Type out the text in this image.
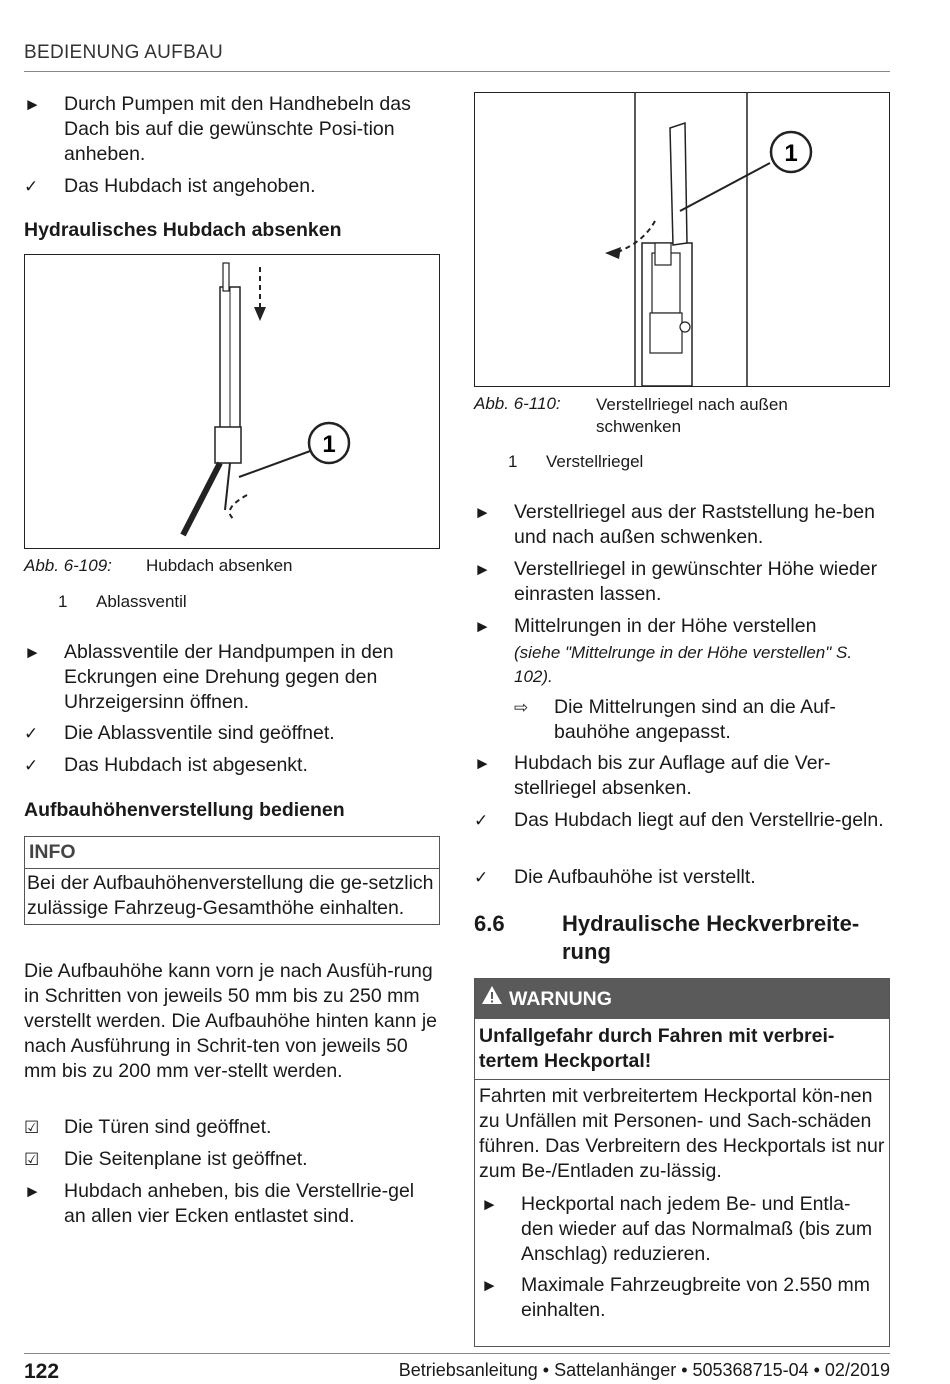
BEDIENUNG AUFBAU
►	Durch Pumpen mit den Handhebeln das Dach bis auf die gewünschte Posi-tion anheben.
✓	Das Hubdach ist angehoben.
Hydraulisches Hubdach absenken
1
Abb. 6-109:	Hubdach absenken
1	Ablassventil
►	Ablassventile der Handpumpen in den Eckrungen eine Drehung gegen den Uhrzeigersinn öffnen.
✓	Die Ablassventile sind geöffnet.
✓	Das Hubdach ist abgesenkt.
Aufbauhöhenverstellung bedienen
INFO
Bei der Aufbauhöhenverstellung die ge-setzlich zulässige Fahrzeug-Gesamthöhe einhalten.
Die Aufbauhöhe kann vorn je nach Ausfüh-rung in Schritten von jeweils 50 mm bis zu 250 mm verstellt werden. Die Aufbauhöhe hinten kann je nach Ausführung in Schrit-ten von jeweils 50 mm bis zu 200 mm ver-stellt werden.
☑	Die Türen sind geöffnet.
☑	Die Seitenplane ist geöffnet.
►	Hubdach anheben, bis die Verstellrie-gel an allen vier Ecken entlastet sind.
1
Abb. 6-110:	Verstellriegel nach außen schwenken
1	Verstellriegel
►	Verstellriegel aus der Raststellung he-ben und nach außen schwenken.
►	Verstellriegel in gewünschter Höhe wieder einrasten lassen.
►	Mittelrungen in der Höhe verstellen
(siehe "Mittelrunge in der Höhe verstellen" S. 102).
⇨	Die Mittelrungen sind an die Auf-bauhöhe angepasst.
►	Hubdach bis zur Auflage auf die Ver-stellriegel absenken.
✓	Das Hubdach liegt auf den Verstellrie-geln.
✓	Die Aufbauhöhe ist verstellt.
6.6	Hydraulische Heckverbreite-rung
WARNUNG
Unfallgefahr durch Fahren mit verbrei-tertem Heckportal!
Fahrten mit verbreitertem Heckportal kön-nen zu Unfällen mit Personen- und Sach-schäden führen. Das Verbreitern des Heckportals ist nur zum Be-/Entladen zu-lässig.
►	Heckportal nach jedem Be- und Entla-den wieder auf das Normalmaß (bis zum Anschlag) reduzieren.
►	Maximale Fahrzeugbreite von 2.550 mm einhalten.
122	Betriebsanleitung • Sattelanhänger • 505368715-04 • 02/2019
